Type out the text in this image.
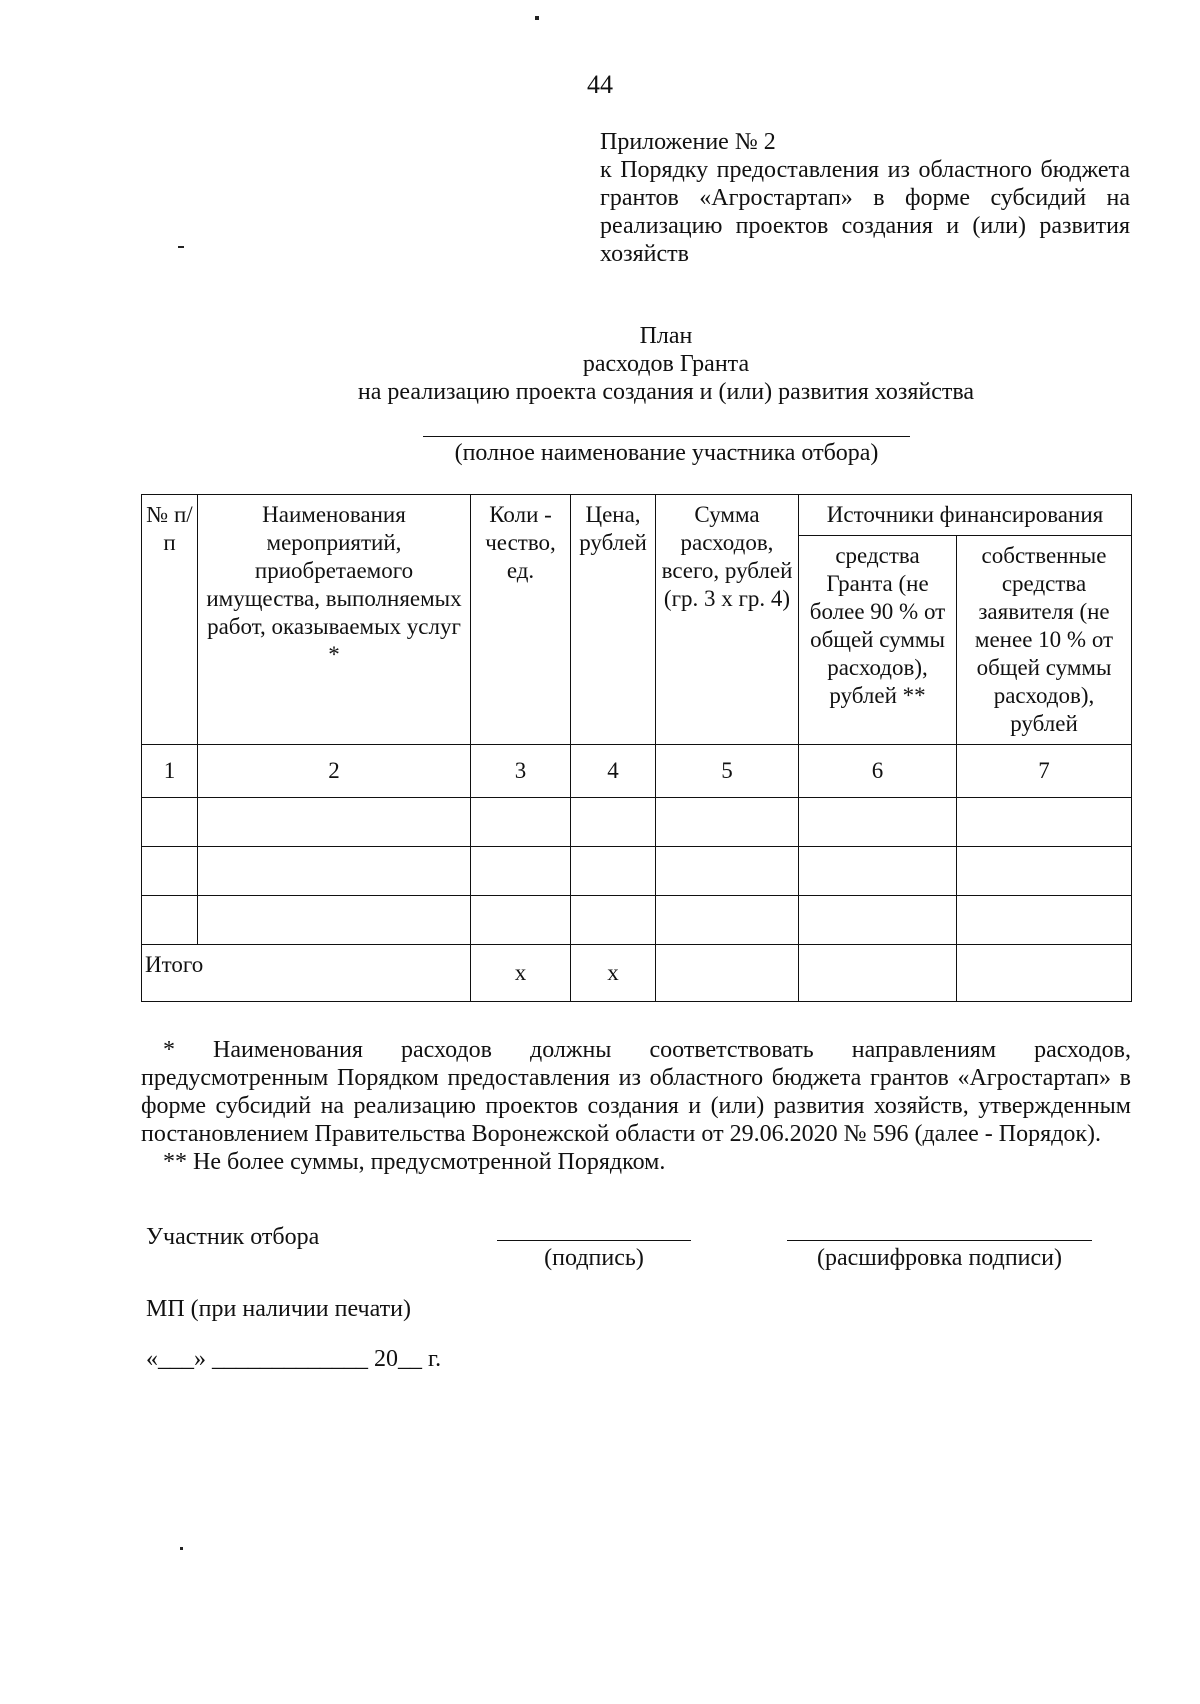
44
Приложение № 2
к Порядку предоставления из областного бюджета грантов «Агростартап» в форме субсидий на реализацию проектов создания и (или) развития хозяйств
План
расходов Гранта
на реализацию проекта создания и (или) развития хозяйства
(полное наименование участника отбора)
№ п/п	Наименования мероприятий, приобретаемого имущества, выполняемых работ, оказываемых услуг *	Коли - чество, ед.	Цена, рублей	Сумма расходов, всего, рублей (гр. 3 х гр. 4)	Источники финансирования	
					средства Гранта (не более 90 % от общей суммы расходов), рублей **	собственные средства заявителя (не менее 10 % от общей суммы расходов), рублей
1	2	3	4	5	6	7

Итого		х	х			

* Наименования расходов должны соответствовать направлениям расходов, предусмотренным Порядком предоставления из областного бюджета грантов «Агростартап» в форме субсидий на реализацию проектов создания и (или) развития хозяйств, утвержденным постановлением Правительства Воронежской области от 29.06.2020 № 596 (далее - Порядок).

** Не более суммы, предусмотренной Порядком.

Участник отбора
(подпись)	(расшифровка подписи)
МП (при наличии печати)
«___» _____________ 20__ г.
